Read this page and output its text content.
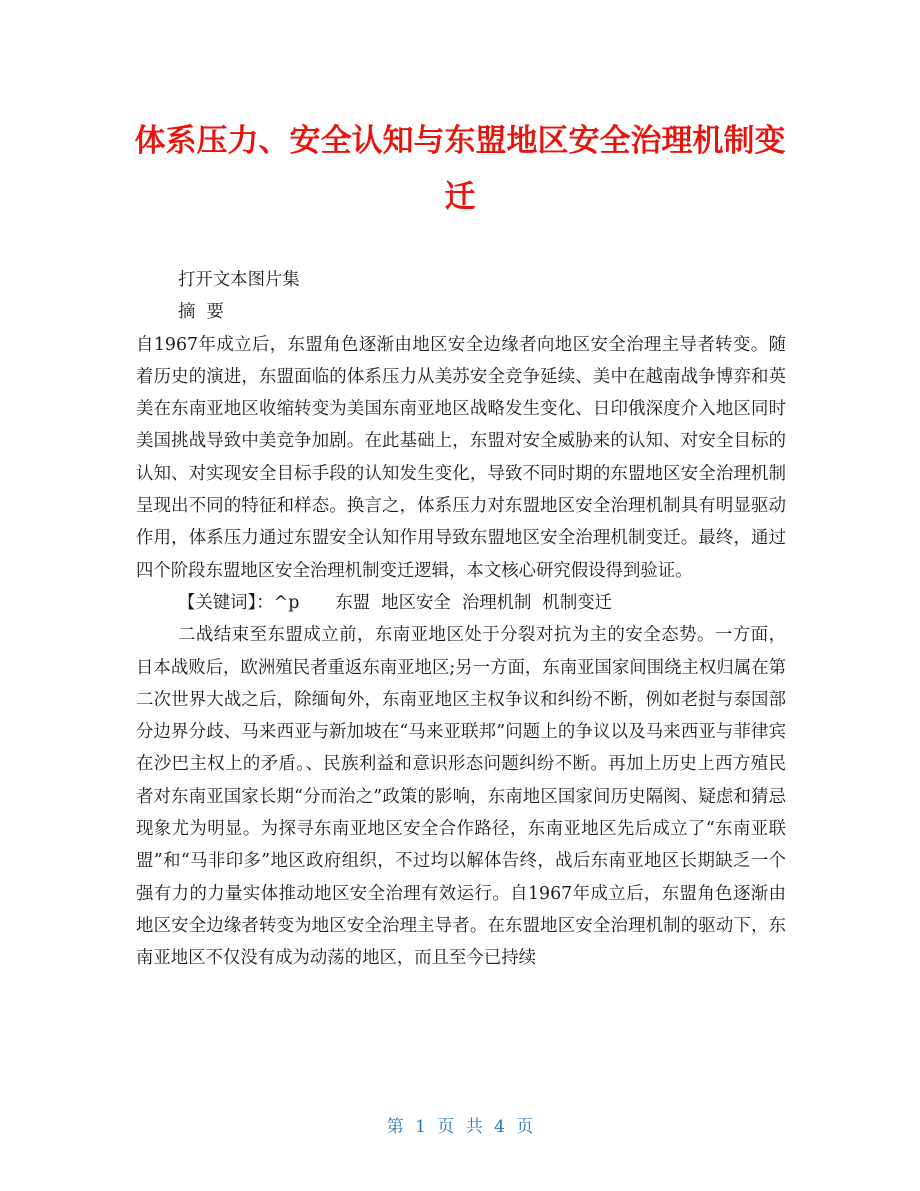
体系压力、安全认知与东盟地区安全治理机制变迁

打开文本图片集

摘  要

自1967年成立后，东盟角色逐渐由地区安全边缘者向地区安全治理主导者转变。随着历史的演进，东盟面临的体系压力从美苏安全竞争延续、美中在越南战争博弈和英美在东南亚地区收缩转变为美国东南亚地区战略发生变化、日印俄深度介入地区同时美国挑战导致中美竞争加剧。在此基础上，东盟对安全威胁来的认知、对安全目标的认知、对实现安全目标手段的认知发生变化，导致不同时期的东盟地区安全治理机制呈现出不同的特征和样态。换言之，体系压力对东盟地区安全治理机制具有明显驱动作用，体系压力通过东盟安全认知作用导致东盟地区安全治理机制变迁。最终，通过四个阶段东盟地区安全治理机制变迁逻辑，本文核心研究假设得到验证。

【关键词】：^p 东盟  地区安全  治理机制  机制变迁

二战结束至东盟成立前，东南亚地区处于分裂对抗为主的安全态势。一方面，日本战败后，欧洲殖民者重返东南亚地区;另一方面，东南亚国家间围绕主权归属在第二次世界大战之后，除缅甸外，东南亚地区主权争议和纠纷不断，例如老挝与泰国部分边界分歧、马来西亚与新加坡在“马来亚联邦”问题上的争议以及马来西亚与菲律宾在沙巴主权上的矛盾。、民族利益和意识形态问题纠纷不断。再加上历史上西方殖民者对东南亚国家长期“分而治之”政策的影响，东南地区国家间历史隔阂、疑虑和猜忌现象尤为明显。为探寻东南亚地区安全合作路径，东南亚地区先后成立了“东南亚联盟”和“马非印多”地区政府组织，不过均以解体告终，战后东南亚地区长期缺乏一个强有力的力量实体推动地区安全治理有效运行。自1967年成立后，东盟角色逐渐由地区安全边缘者转变为地区安全治理主导者。在东盟地区安全治理机制的驱动下，东南亚地区不仅没有成为动荡的地区，而且至今已持续

第 1 页 共 4 页
